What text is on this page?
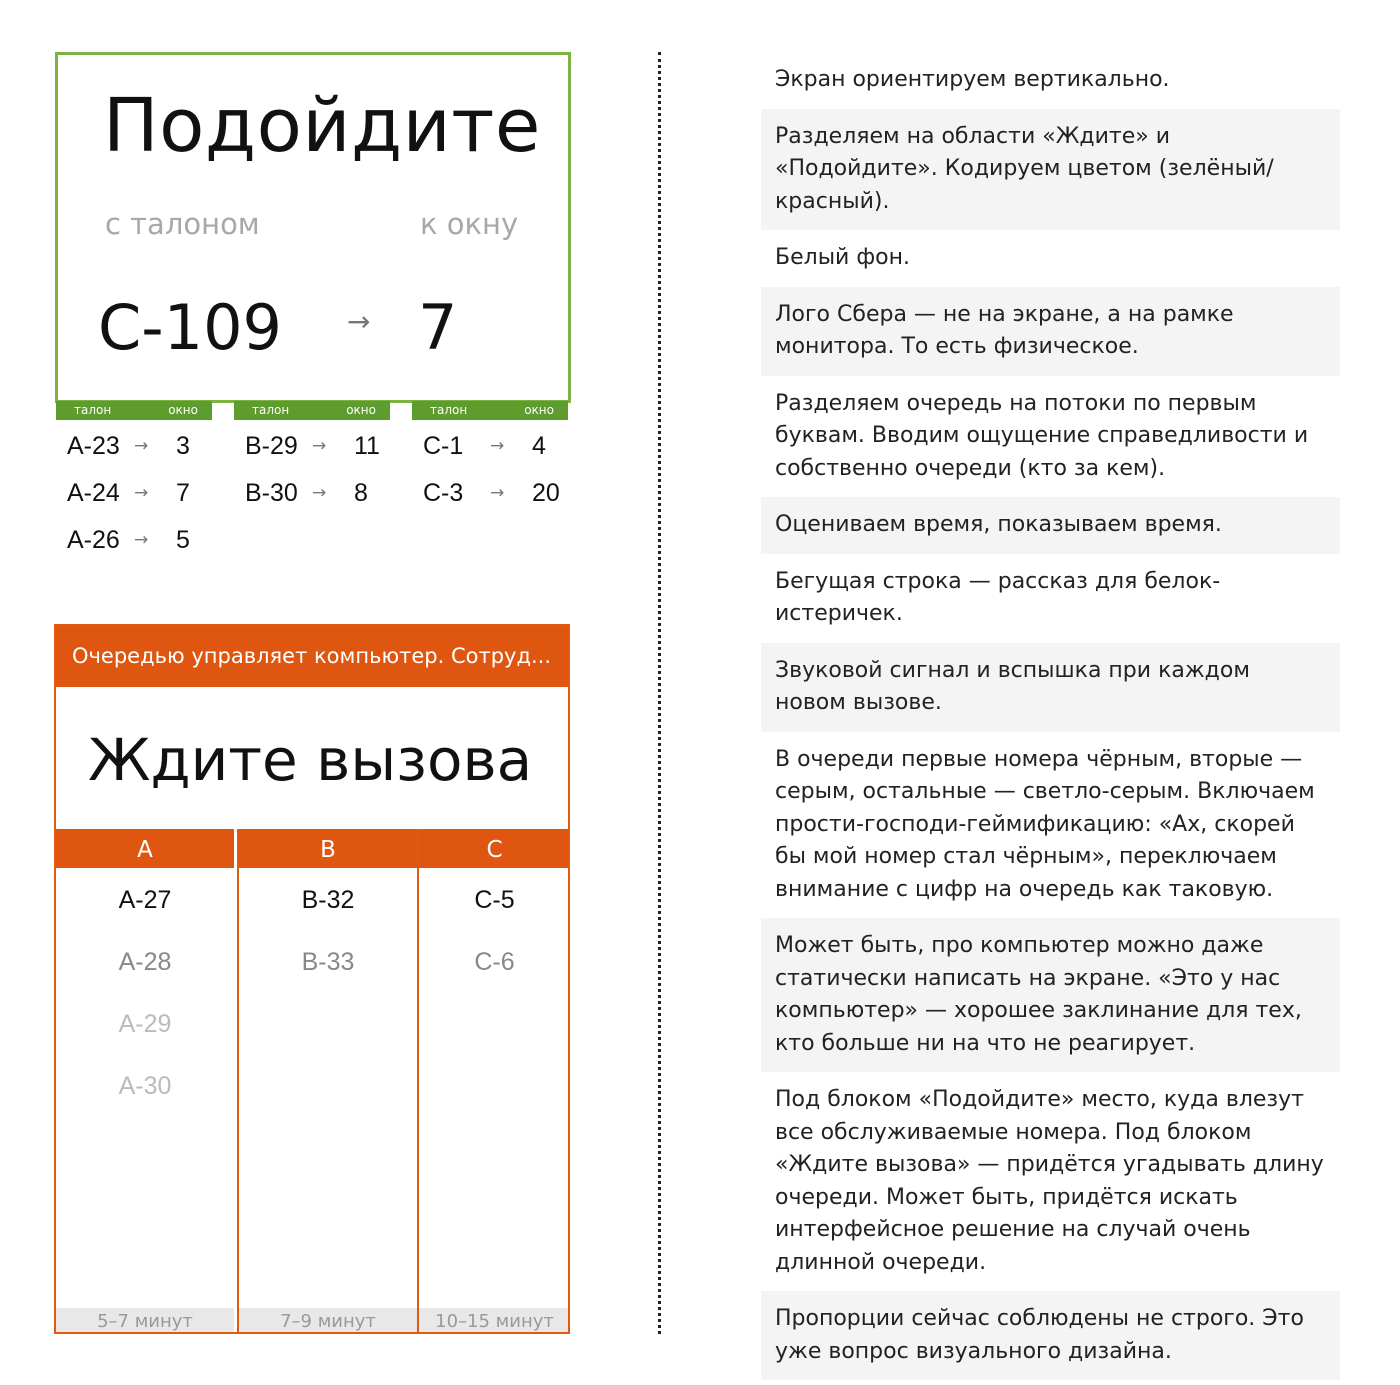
Подойдите
с талоном	к окну
С-109 → 7
талон	окно
А-23 → 3
А-24 → 7
А-26 → 5
талон	окно
В-29 → 11
В-30 → 8
талон	окно
С-1 → 4
С-3 → 20
Очередью управляет компьютер. Сотруд...
Ждите вызова
А
А-27
А-28
А-29
А-30
5–7 минут
В
В-32
В-33
7–9 минут
С
С-5
С-6
10–15 минут
Экран ориентируем вертикально.
Разделяем на области «Ждите» и «Подойдите». Кодируем цветом (зелёный/красный).
Белый фон.
Лого Сбера — не на экране, а на рамке монитора. То есть физическое.
Разделяем очередь на потоки по первым буквам. Вводим ощущение справедливости и собственно очереди (кто за кем).
Оцениваем время, показываем время.
Бегущая строка — рассказ для белок-истеричек.
Звуковой сигнал и вспышка при каждом новом вызове.
В очереди первые номера чёрным, вторые — серым, остальные — светло-серым. Включаем прости-господи-геймификацию: «Ах, скорей бы мой номер стал чёрным», переключаем внимание с цифр на очередь как таковую.
Может быть, про компьютер можно даже статически написать на экране. «Это у нас компьютер» — хорошее заклинание для тех, кто больше ни на что не реагирует.
Под блоком «Подойдите» место, куда влезут все обслуживаемые номера. Под блоком «Ждите вызова» — придётся угадывать длину очереди. Может быть, придётся искать интерфейсное решение на случай очень длинной очереди.
Пропорции сейчас соблюдены не строго. Это уже вопрос визуального дизайна.
